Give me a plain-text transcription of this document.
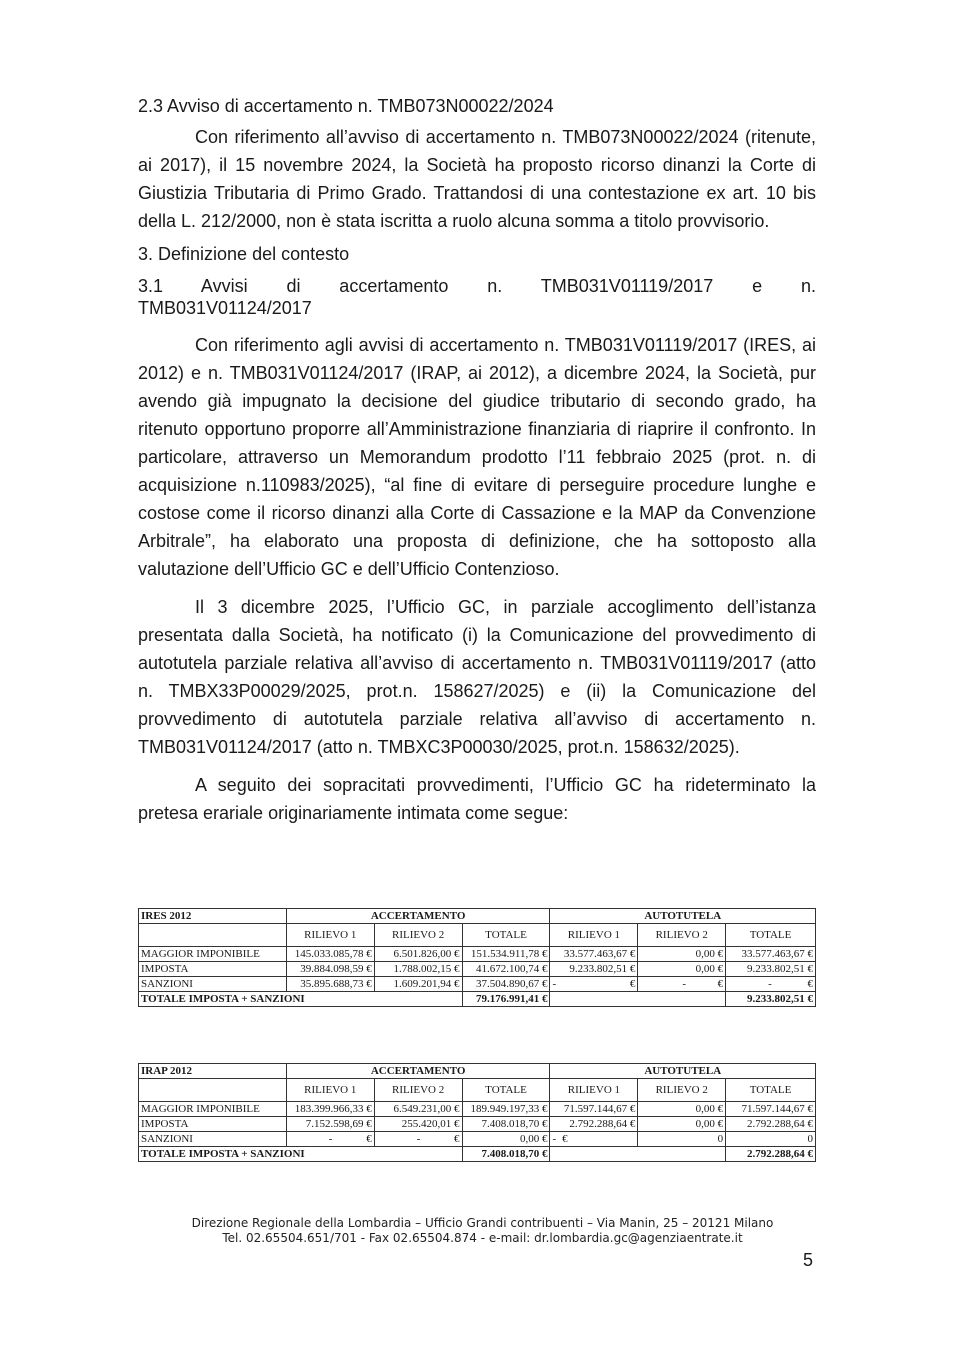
2.3 Avviso di accertamento n. TMB073N00022/2024
Con riferimento all’avviso di accertamento n. TMB073N00022/2024 (ritenute, ai 2017), il 15 novembre 2024, la Società ha proposto ricorso dinanzi la Corte di Giustizia Tributaria di Primo Grado. Trattandosi di una contestazione ex art. 10 bis della L. 212/2000, non è stata iscritta a ruolo alcuna somma a titolo provvisorio.
3. Definizione del contesto
3.1 Avvisi di accertamento n. TMB031V01119/2017 e n.
TMB031V01124/2017
Con riferimento agli avvisi di accertamento n. TMB031V01119/2017 (IRES, ai 2012) e n. TMB031V01124/2017 (IRAP, ai 2012), a dicembre 2024, la Società, pur avendo già impugnato la decisione del giudice tributario di secondo grado, ha ritenuto opportuno proporre all’Amministrazione finanziaria di riaprire il confronto. In particolare, attraverso un Memorandum prodotto l’11 febbraio 2025 (prot. n. di acquisizione n.110983/2025), “al fine di evitare di perseguire procedure lunghe e costose come il ricorso dinanzi alla Corte di Cassazione e la MAP da Convenzione Arbitrale”, ha elaborato una proposta di definizione, che ha sottoposto alla valutazione dell’Ufficio GC e dell’Ufficio Contenzioso.
Il 3 dicembre 2025, l’Ufficio GC, in parziale accoglimento dell’istanza presentata dalla Società, ha notificato (i) la Comunicazione del provvedimento di autotutela parziale relativa all’avviso di accertamento n. TMB031V01119/2017 (atto n. TMBX33P00029/2025, prot.n. 158627/2025) e (ii) la Comunicazione del provvedimento di autotutela parziale relativa all’avviso di accertamento n. TMB031V01124/2017 (atto n. TMBXC3P00030/2025, prot.n. 158632/2025).
A seguito dei sopracitati provvedimenti, l’Ufficio GC ha rideterminato la pretesa erariale originariamente intimata come segue:
IRES 2012	ACCERTAMENTO			AUTOTUTELA		
	RILIEVO 1	RILIEVO 2	TOTALE	RILIEVO 1	RILIEVO 2	TOTALE
MAGGIOR IMPONIBILE	145.033.085,78 €	6.501.826,00 €	151.534.911,78 €	33.577.463,67 €	0,00 €	33.577.463,67 €
IMPOSTA	39.884.098,59 €	1.788.002,15 €	41.672.100,74 €	9.233.802,51 €	0,00 €	9.233.802,51 €
SANZIONI	35.895.688,73 €	1.609.201,94 €	37.504.890,67 €	- €	- €	- €

TOTALE IMPOSTA + SANZIONI			79.176.991,41 €			9.233.802,51 €
IRAP 2012	ACCERTAMENTO			AUTOTUTELA		
	RILIEVO 1	RILIEVO 2	TOTALE	RILIEVO 1	RILIEVO 2	TOTALE
MAGGIOR IMPONIBILE	183.399.966,33 €	6.549.231,00 €	189.949.197,33 €	71.597.144,67 €	0,00 €	71.597.144,67 €
IMPOSTA	7.152.598,69 €	255.420,01 €	7.408.018,70 €	2.792.288,64 €	0,00 €	2.792.288,64 €
SANZIONI	- €	- €	0,00 €	- €	0	0
TOTALE IMPOSTA + SANZIONI			7.408.018,70 €			2.792.288,64 €
Direzione Regionale della Lombardia – Ufficio Grandi contribuenti – Via Manin, 25 – 20121 Milano
Tel. 02.65504.651/701 - Fax 02.65504.874 - e-mail: dr.lombardia.gc@agenziaentrate.it
5
